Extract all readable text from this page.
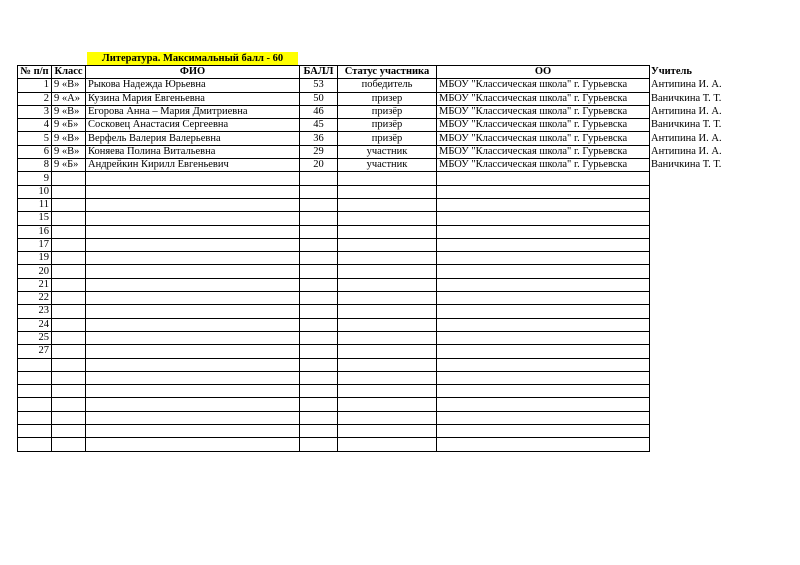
Литература. Максимальный балл - 60
№ п/п	Класс	ФИО	БАЛЛ	Статус участника	ОО	Учитель
1	9 «В»	Рыкова Надежда Юрьевна	53	победитель	МБОУ "Классическая школа" г. Гурьевска	Антипина И. А.
2	9 «А»	Кузина Мария Евгеньевна	50	призер	МБОУ "Классическая школа" г. Гурьевска	Ваничкина Т. Т.
3	9 «В»	Егорова Анна – Мария Дмитриевна	46	призёр	МБОУ "Классическая школа" г. Гурьевска	Антипина И. А.
4	9 «Б»	Сосковец Анастасия Сергеевна	45	призёр	МБОУ "Классическая школа" г. Гурьевска	Ваничкина Т. Т.
5	9 «В»	Верфель Валерия Валерьевна	36	призёр	МБОУ "Классическая школа" г. Гурьевска	Антипина И. А.
6	9 «В»	Коняева Полина Витальевна	29	участник	МБОУ "Классическая школа" г. Гурьевска	Антипина И. А.
8	9 «Б»	Андрейкин Кирилл Евгеньевич	20	участник	МБОУ "Классическая школа" г. Гурьевска	Ваничкина Т. Т.
9						
10						
11						
15						
16						
17						
19						
20						
21						
22						
23						
24						
25						
27						
